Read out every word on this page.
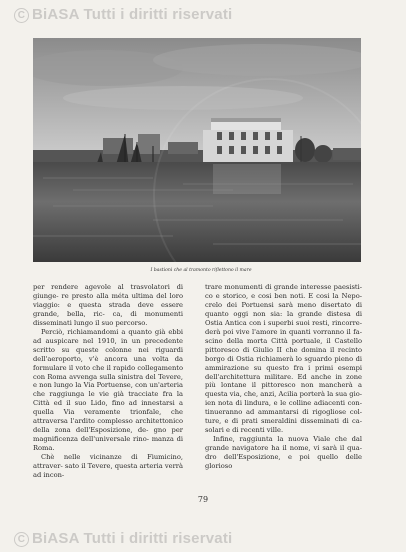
C BiASA Tutti i diritti riservati
I bastioni che al tramonto riflettono il mare

per rendere agevole al trasvolatori di giunge- re presto alla méta ultima del loro viaggio: e questa strada deve essere grande, bella, ric- ca, di monumenti disseminati lungo il suo percorso.

Perciò, richiamandomi a quanto già ebbi ad auspicare nel 1910, in un precedente scritto su queste colonne nei riguardi dell'aeroporto, v'è ancora una volta da formulare il voto che il rapido collegamento con Roma avvenga sulla sinistra del Tevere, e non lungo la Via Portuense, con un'arteria che raggiunga le vie già tracciate fra la Città ed il suo Lido, fino ad innestarsi a quella Via veramente trionfale, che attraversa l'ardito complesso architettonico della zona dell'Esposizione, de- gno per magnificenza dell'universale rino- manza di Roma.

Chè nelle vicinanze di Fiumicino, attraver- sato il Tevere, questa arteria verrà ad incon-

trare monumenti di grande interesse paesisti- co e storico, e cosi ben noti. E cosi la Nepo- crelo dei Portuensi sarà meno disertato di quanto oggi non sia: la grande distesa di Ostia Antica con i superbi suoi resti, rincorre- derà poi vive l'amore in quanti vorranno il fa- scino della morta Città portuale, il Castello pittoresco di Giulio II che domina il recinto borgo di Ostia richiamerà lo sguardo pieno di ammirazione su questo fra i primi esempi dell'architettura militare. Ed anche in zone più lontane il pittoresco non mancherà a questa via, che, anzi, Acilia porterà la sua gio- ien nota di lindura, e le colline adiacenti con- tinueranno ad ammantarsi di rigogliose col- ture, e di prati smeraldini disseminati di ca- solari e di recenti ville.

Infine, raggiunta la nuova Viale che dal grande navigatore ha il nome, vi sarà il qua- dro dell'Esposizione, e poi quello delle glorioso

79
C BiASA Tutti i diritti riservati
